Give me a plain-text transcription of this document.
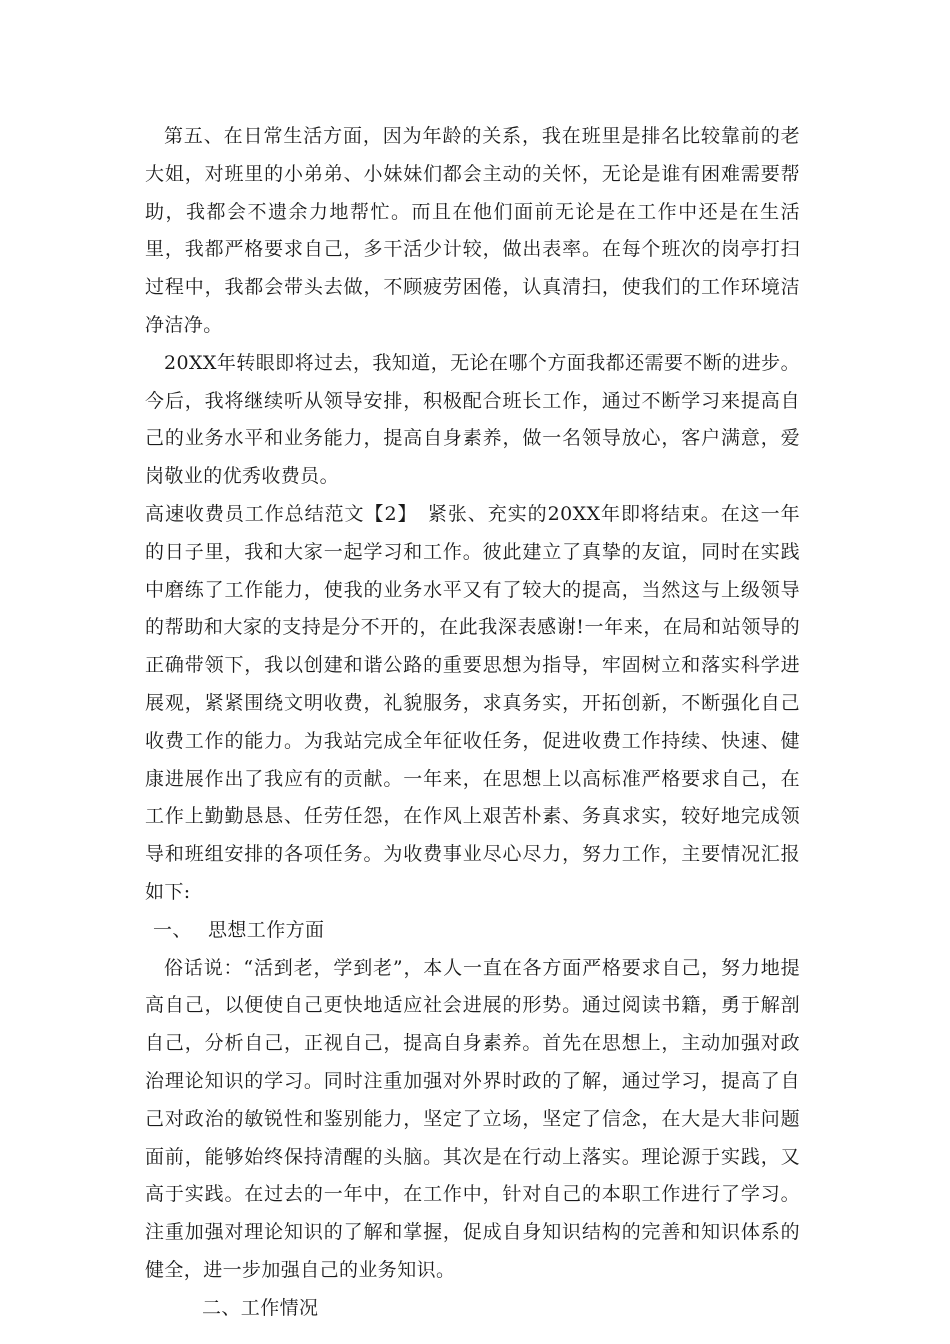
第五、在日常生活方面，因为年龄的关系，我在班里是排名比较靠前的老大姐，对班里的小弟弟、小妹妹们都会主动的关怀，无论是谁有困难需要帮助，我都会不遗余力地帮忙。而且在他们面前无论是在工作中还是在生活里，我都严格要求自己，多干活少计较，做出表率。在每个班次的岗亭打扫过程中，我都会带头去做，不顾疲劳困倦，认真清扫，使我们的工作环境洁净洁净。

20XX年转眼即将过去，我知道，无论在哪个方面我都还需要不断的进步。今后，我将继续听从领导安排，积极配合班长工作，通过不断学习来提高自己的业务水平和业务能力，提高自身素养，做一名领导放心，客户满意，爱岗敬业的优秀收费员。

高速收费员工作总结范文【2】　紧张、充实的20XX年即将结束。在这一年的日子里，我和大家一起学习和工作。彼此建立了真挚的友谊，同时在实践中磨练了工作能力，使我的业务水平又有了较大的提高，当然这与上级领导的帮助和大家的支持是分不开的，在此我深表感谢!一年来，在局和站领导的正确带领下，我以创建和谐公路的重要思想为指导，牢固树立和落实科学进展观，紧紧围绕文明收费，礼貌服务，求真务实，开拓创新，不断强化自己收费工作的能力。为我站完成全年征收任务，促进收费工作持续、快速、健康进展作出了我应有的贡献。一年来，在思想上以高标准严格要求自己，在工作上勤勤恳恳、任劳任怨，在作风上艰苦朴素、务真求实，较好地完成领导和班组安排的各项任务。为收费事业尽心尽力，努力工作，主要情况汇报如下:

一、 思想工作方面

俗话说：“活到老，学到老”，本人一直在各方面严格要求自己，努力地提高自己，以便使自己更快地适应社会进展的形势。通过阅读书籍，勇于解剖自己，分析自己，正视自己，提高自身素养。首先在思想上，主动加强对政治理论知识的学习。同时注重加强对外界时政的了解，通过学习，提高了自己对政治的敏锐性和鉴别能力，坚定了立场，坚定了信念，在大是大非问题面前，能够始终保持清醒的头脑。其次是在行动上落实。理论源于实践，又高于实践。在过去的一年中，在工作中，针对自己的本职工作进行了学习。注重加强对理论知识的了解和掌握，促成自身知识结构的完善和知识体系的健全，进一步加强自己的业务知识。

二、工作情况
